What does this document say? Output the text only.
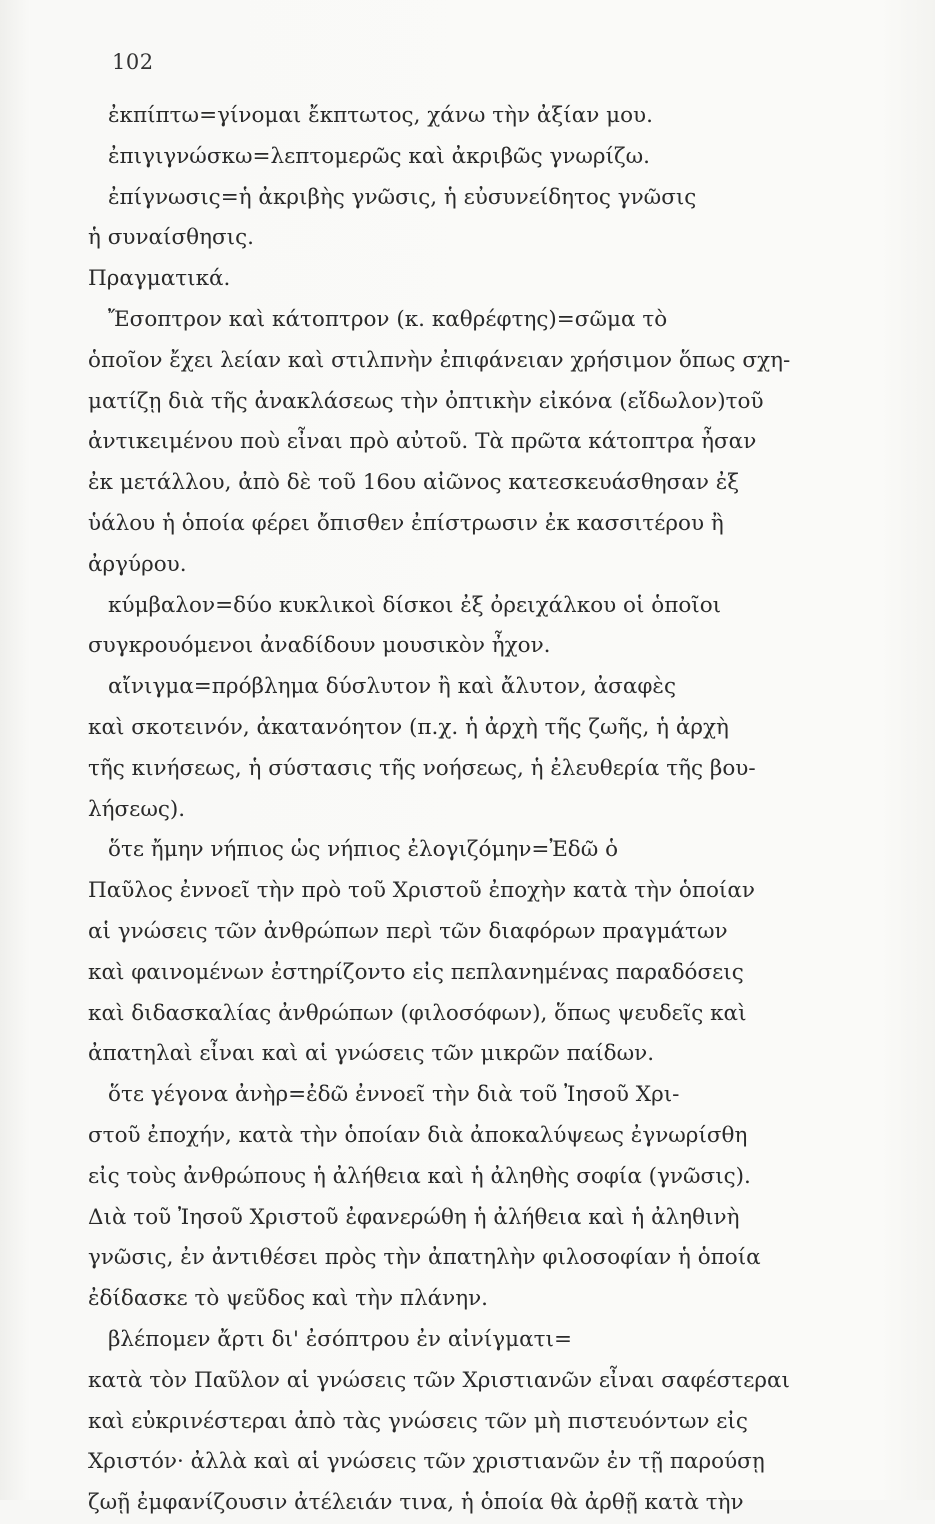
102
ἐκπίπτω=γίνομαι ἔκπτωτος, χάνω τὴν ἀξίαν μου.
ἐπιγιγνώσκω=λεπτομερῶς καὶ ἀκριβῶς γνωρίζω.
ἐπίγνωσις=ἡ ἀκριβὴς γνῶσις, ἡ εὐσυνείδητος γνῶσις
ἡ συναίσθησις.
Πραγματικά.
Ἔσοπτρον καὶ κάτοπτρον (κ. καθρέφτης)=σῶμα τὸ
ὁποῖον ἔχει λείαν καὶ στιλπνὴν ἐπιφάνειαν χρήσιμον ὅπως σχη-
ματίζῃ διὰ τῆς ἀνακλάσεως τὴν ὀπτικὴν εἰκόνα (εἴδωλον)τοῦ
ἀντικειμένου ποὺ εἶναι πρὸ αὐτοῦ. Τὰ πρῶτα κάτοπτρα ἦσαν
ἐκ μετάλλου, ἀπὸ δὲ τοῦ 16ου αἰῶνος κατεσκευάσθησαν ἐξ
ὑάλου ἡ ὁποία φέρει ὄπισθεν ἐπίστρωσιν ἐκ κασσιτέρου ἢ
ἀργύρου.
κύμβαλον=δύο κυκλικοὶ δίσκοι ἐξ ὀρειχάλκου οἱ ὁποῖοι
συγκρουόμενοι ἀναδίδουν μουσικὸν ἦχον.
αἴνιγμα=πρόβλημα δύσλυτον ἢ καὶ ἄλυτον, ἀσαφὲς
καὶ σκοτεινόν, ἀκατανόητον (π.χ. ἡ ἀρχὴ τῆς ζωῆς, ἡ ἀρχὴ
τῆς κινήσεως, ἡ σύστασις τῆς νοήσεως, ἡ ἐλευθερία τῆς βου-
λήσεως).
ὅτε ἤμην νήπιος ὡς νήπιος ἐλογιζόμην=Ἐδῶ ὁ
Παῦλος ἐννοεῖ τὴν πρὸ τοῦ Χριστοῦ ἐποχὴν κατὰ τὴν ὁποίαν
αἱ γνώσεις τῶν ἀνθρώπων περὶ τῶν διαφόρων πραγμάτων
καὶ φαινομένων ἐστηρίζοντο εἰς πεπλανημένας παραδόσεις
καὶ διδασκαλίας ἀνθρώπων (φιλοσόφων), ὅπως ψευδεῖς καὶ
ἀπατηλαὶ εἶναι καὶ αἱ γνώσεις τῶν μικρῶν παίδων.
ὅτε γέγονα ἀνὴρ=ἐδῶ ἐννοεῖ τὴν διὰ τοῦ Ἰησοῦ Χρι-
στοῦ ἐποχήν, κατὰ τὴν ὁποίαν διὰ ἀποκαλύψεως ἐγνωρίσθη
εἰς τοὺς ἀνθρώπους ἡ ἀλήθεια καὶ ἡ ἀληθὴς σοφία (γνῶσις).
Διὰ τοῦ Ἰησοῦ Χριστοῦ ἐφανερώθη ἡ ἀλήθεια καὶ ἡ ἀληθινὴ
γνῶσις, ἐν ἀντιθέσει πρὸς τὴν ἀπατηλὴν φιλοσοφίαν ἡ ὁποία
ἐδίδασκε τὸ ψεῦδος καὶ τὴν πλάνην.
βλέπομεν ἄρτι δι' ἐσόπτρου ἐν αἰνίγματι=
κατὰ τὸν Παῦλον αἱ γνώσεις τῶν Χριστιανῶν εἶναι σαφέστεραι
καὶ εὐκρινέστεραι ἀπὸ τὰς γνώσεις τῶν μὴ πιστευόντων εἰς
Χριστόν· ἀλλὰ καὶ αἱ γνώσεις τῶν χριστιανῶν ἐν τῇ παρούσῃ
ζωῇ ἐμφανίζουσιν ἀτέλειάν τινα, ἡ ὁποία θὰ ἀρθῇ κατὰ τὴν
